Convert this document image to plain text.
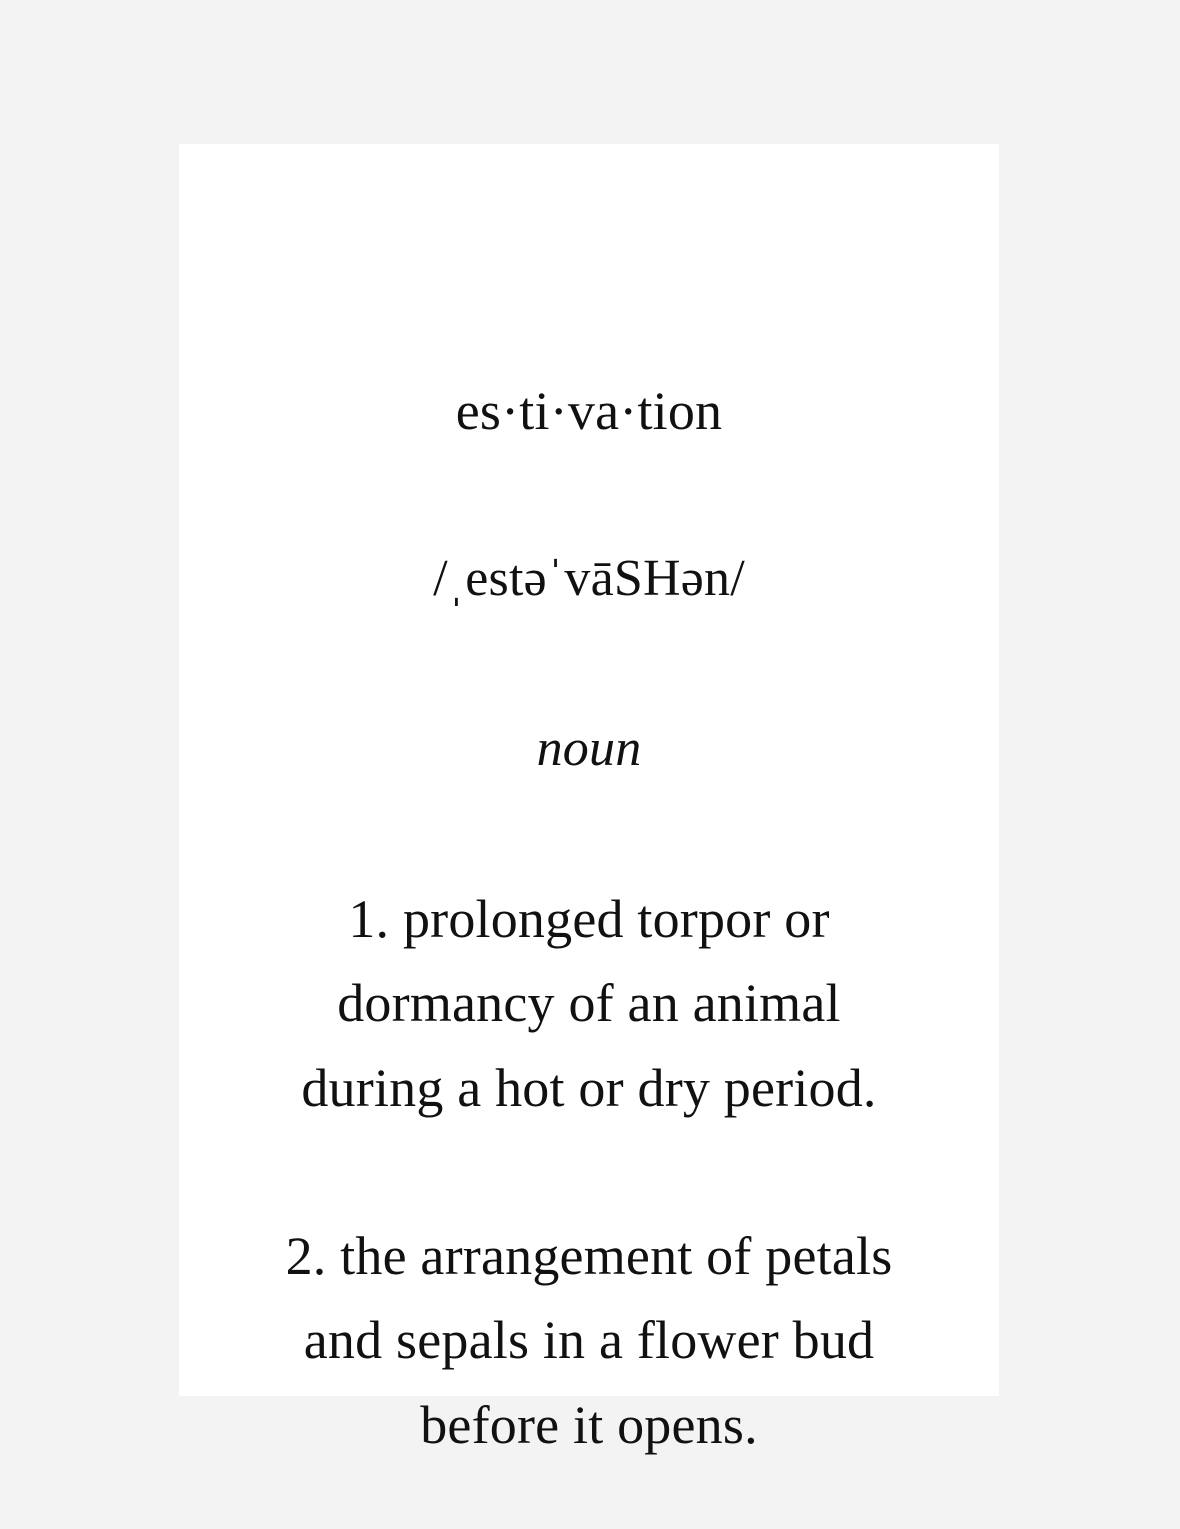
es·ti·va·tion
/ˌestəˈvāSHən/
noun
1. prolonged torpor or
dormancy of an animal
during a hot or dry period.
2. the arrangement of petals
and sepals in a flower bud
before it opens.
